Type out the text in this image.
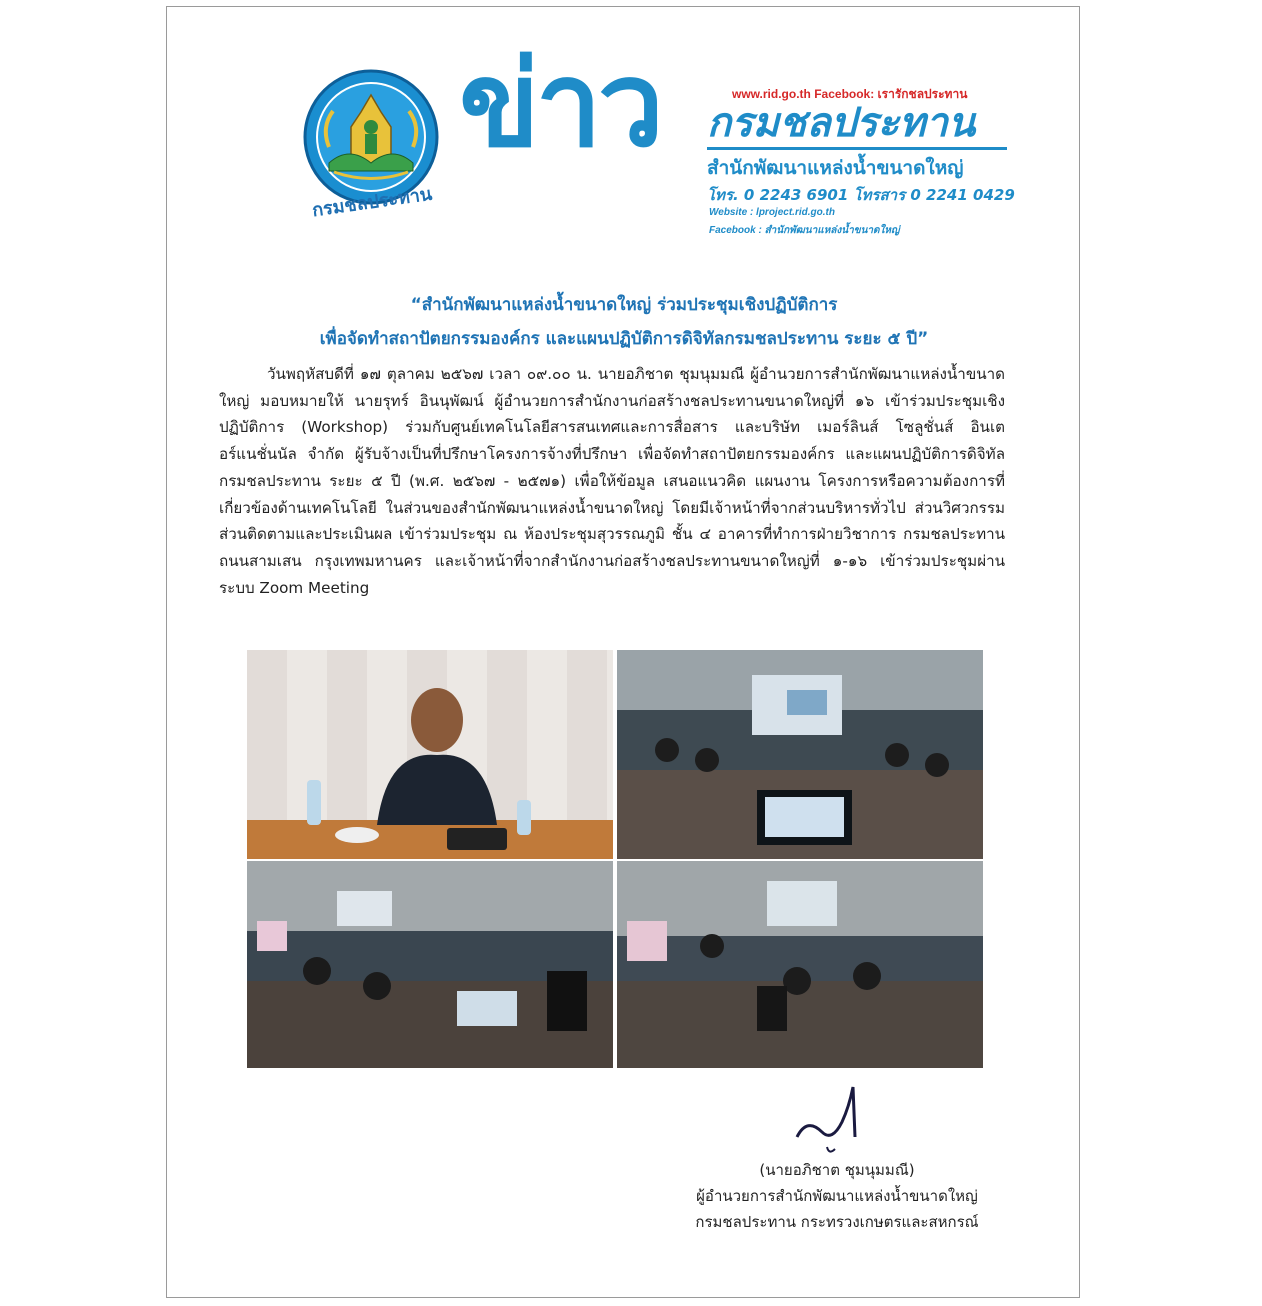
กรมชลประทาน
ข่าว	www.rid.go.th Facebook: เรารักชลประทาน
กรมชลประทาน
สำนักพัฒนาแหล่งน้ำขนาดใหญ่
โทร. 0 2243 6901 โทรสาร 0 2241 0429
Website : lproject.rid.go.th
Facebook : สำนักพัฒนาแหล่งน้ำขนาดใหญ่
“สำนักพัฒนาแหล่งน้ำขนาดใหญ่ ร่วมประชุมเชิงปฏิบัติการ
เพื่อจัดทำสถาปัตยกรรมองค์กร และแผนปฏิบัติการดิจิทัลกรมชลประทาน ระยะ ๕ ปี”

วันพฤหัสบดีที่ ๑๗ ตุลาคม ๒๕๖๗ เวลา ๐๙.๐๐ น. นายอภิชาต ชุมนุมมณี ผู้อำนวยการสำนักพัฒนาแหล่งน้ำขนาดใหญ่ มอบหมายให้ นายรุทร์ อินนุพัฒน์ ผู้อำนวยการสำนักงานก่อสร้างชลประทานขนาดใหญ่ที่ ๑๖ เข้าร่วมประชุมเชิงปฏิบัติการ (Workshop) ร่วมกับศูนย์เทคโนโลยีสารสนเทศและการสื่อสาร และบริษัท เมอร์ลินส์ โซลูชั่นส์ อินเตอร์แนชั่นนัล จำกัด ผู้รับจ้างเป็นที่ปรึกษาโครงการจ้างที่ปรึกษา เพื่อจัดทำสถาปัตยกรรมองค์กร และแผนปฏิบัติการดิจิทัลกรมชลประทาน ระยะ ๕ ปี (พ.ศ. ๒๕๖๗ - ๒๕๗๑) เพื่อให้ข้อมูล เสนอแนวคิด แผนงาน โครงการหรือความต้องการที่เกี่ยวข้องด้านเทคโนโลยี ในส่วนของสำนักพัฒนาแหล่งน้ำขนาดใหญ่ โดยมีเจ้าหน้าที่จากส่วนบริหารทั่วไป ส่วนวิศวกรรม ส่วนติดตามและประเมินผล เข้าร่วมประชุม ณ ห้องประชุมสุวรรณภูมิ ชั้น ๔ อาคารที่ทำการฝ่ายวิชาการ กรมชลประทาน ถนนสามเสน กรุงเทพมหานคร และเจ้าหน้าที่จากสำนักงานก่อสร้างชลประทานขนาดใหญ่ที่ ๑-๑๖ เข้าร่วมประชุมผ่านระบบ Zoom Meeting

(นายอภิชาต ชุมนุมมณี)
ผู้อำนวยการสำนักพัฒนาแหล่งน้ำขนาดใหญ่
กรมชลประทาน กระทรวงเกษตรและสหกรณ์
